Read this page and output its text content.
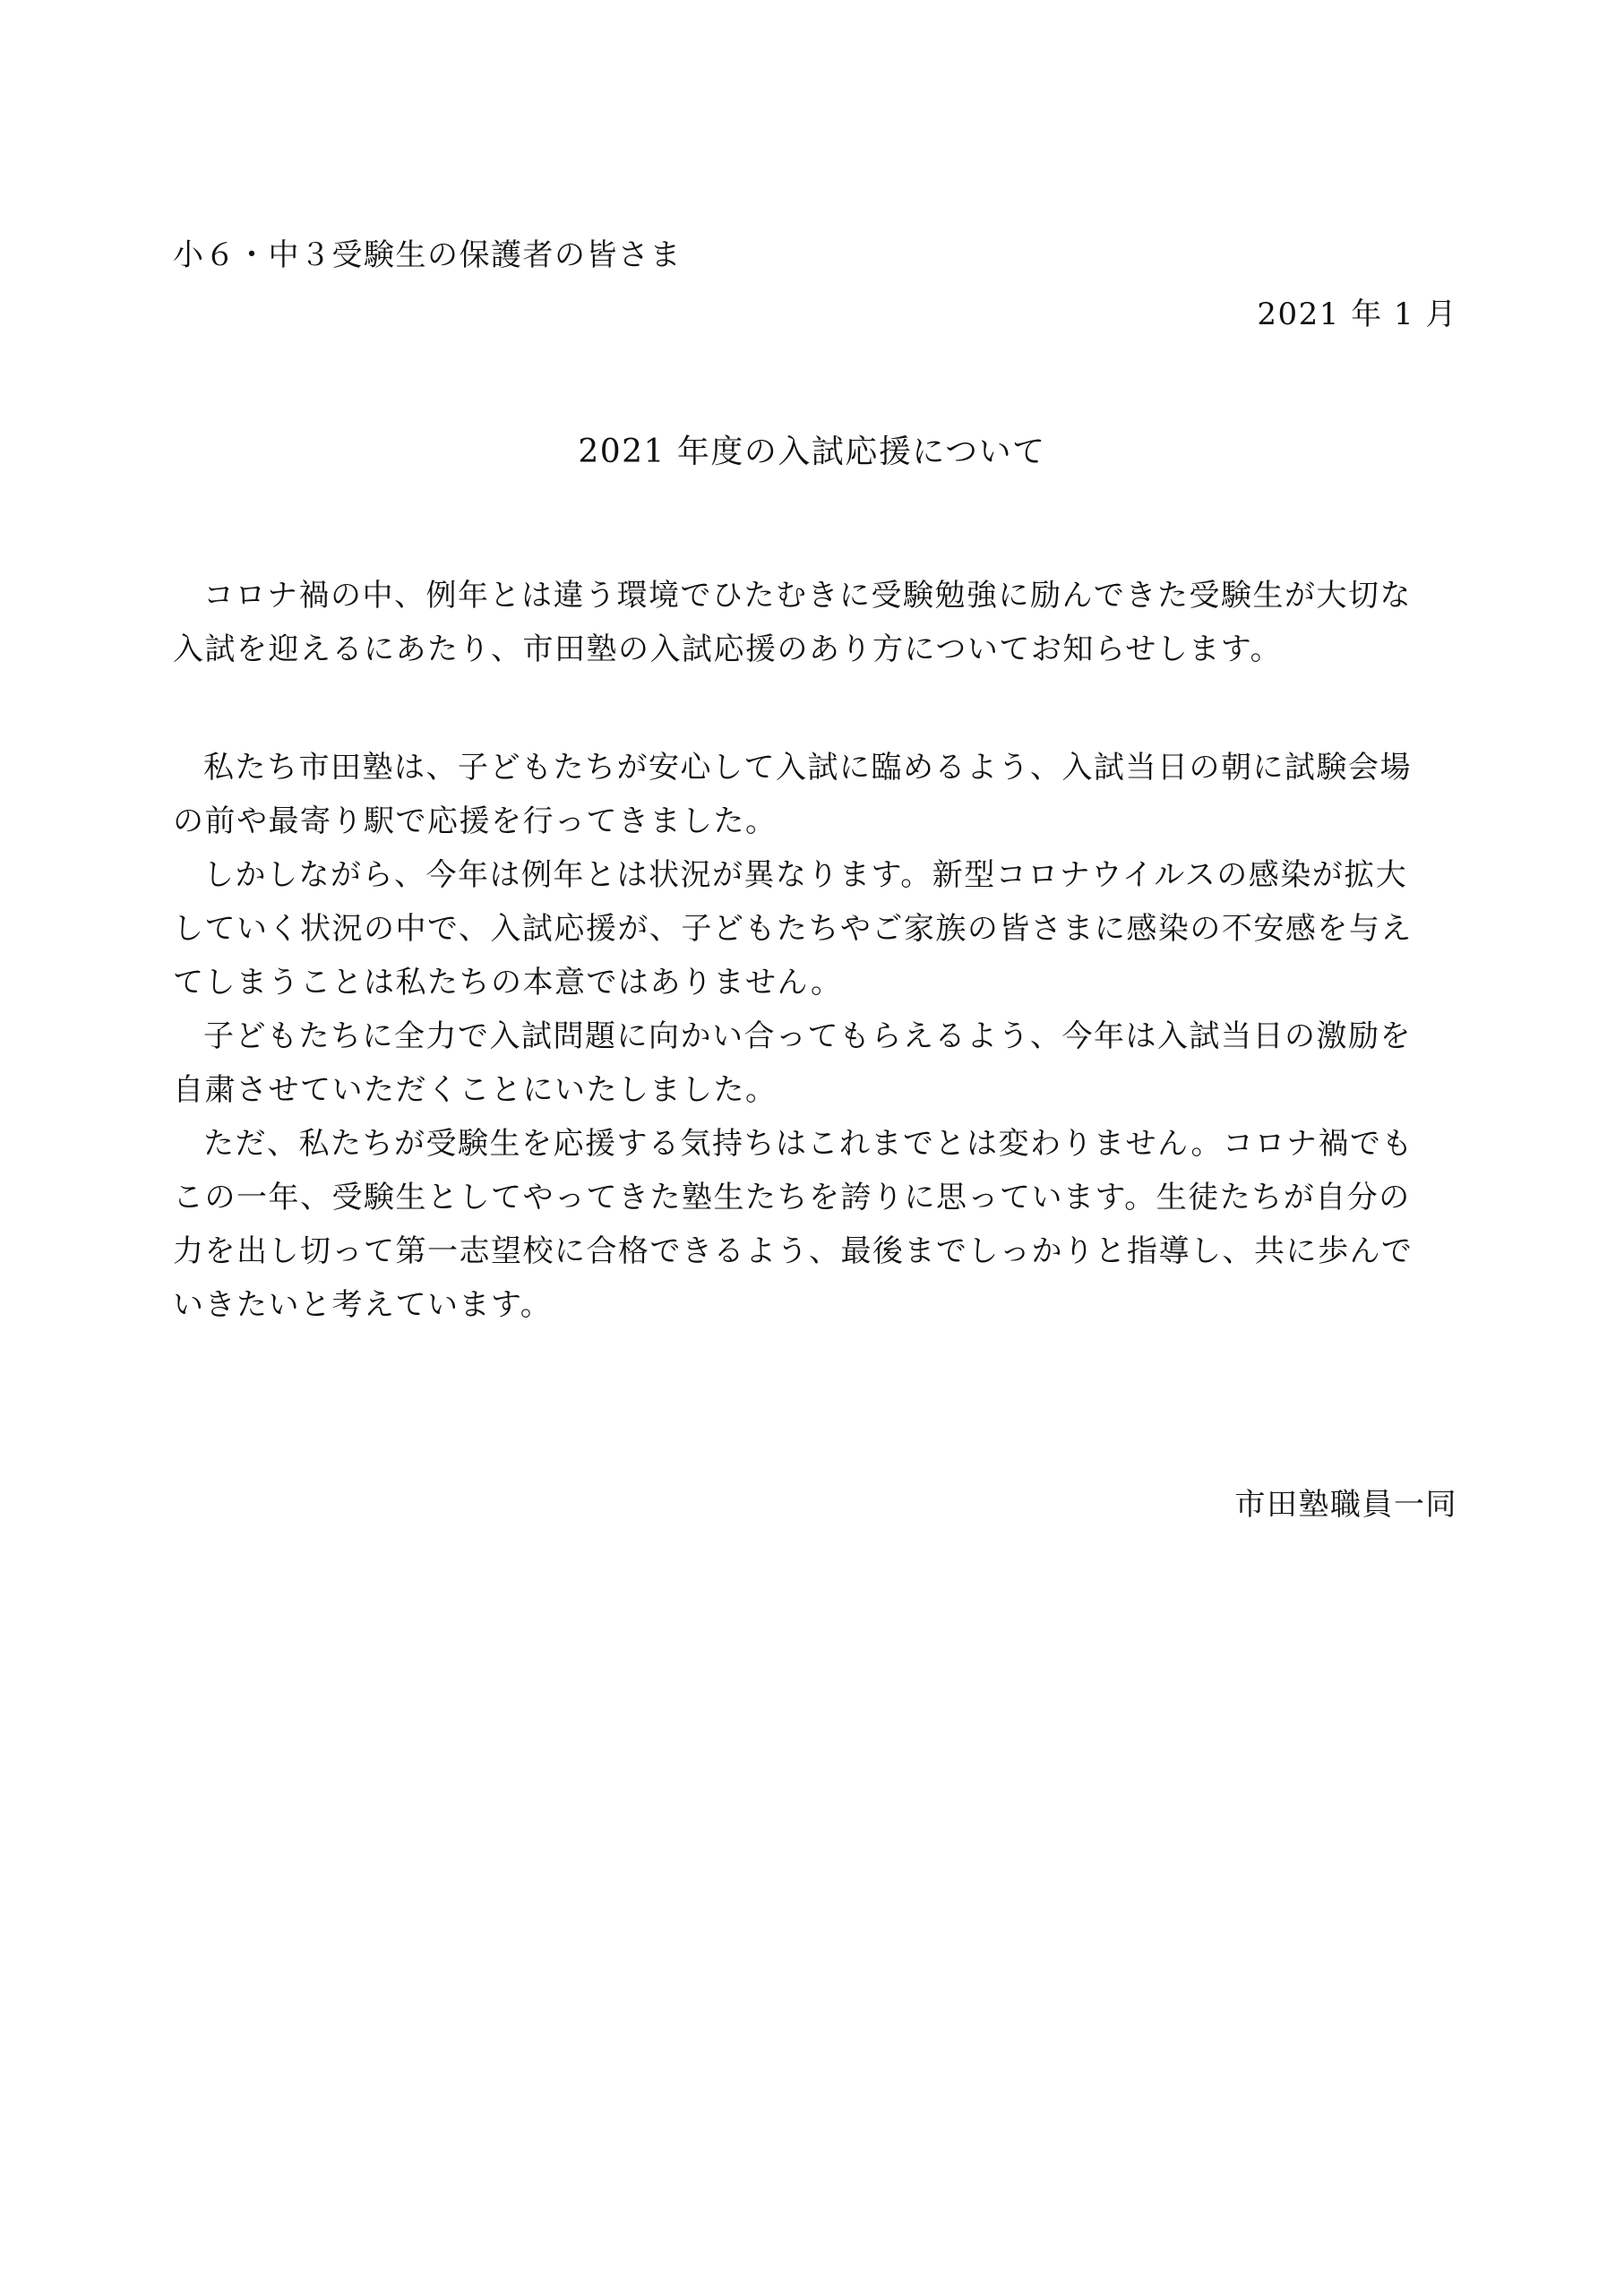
小６・中３受験生の保護者の皆さま
2021 年 1 月
2021 年度の入試応援について
コロナ禍の中、例年とは違う環境でひたむきに受験勉強に励んできた受験生が大切な
入試を迎えるにあたり、市田塾の入試応援のあり方についてお知らせします。
私たち市田塾は、子どもたちが安心して入試に臨めるよう、入試当日の朝に試験会場
の前や最寄り駅で応援を行ってきました。
しかしながら、今年は例年とは状況が異なります。新型コロナウイルスの感染が拡大
していく状況の中で、入試応援が、子どもたちやご家族の皆さまに感染の不安感を与え
てしまうことは私たちの本意ではありません。
子どもたちに全力で入試問題に向かい合ってもらえるよう、今年は入試当日の激励を
自粛させていただくことにいたしました。
ただ、私たちが受験生を応援する気持ちはこれまでとは変わりません。コロナ禍でも
この一年、受験生としてやってきた塾生たちを誇りに思っています。生徒たちが自分の
力を出し切って第一志望校に合格できるよう、最後までしっかりと指導し、共に歩んで
いきたいと考えています。
市田塾職員一同
